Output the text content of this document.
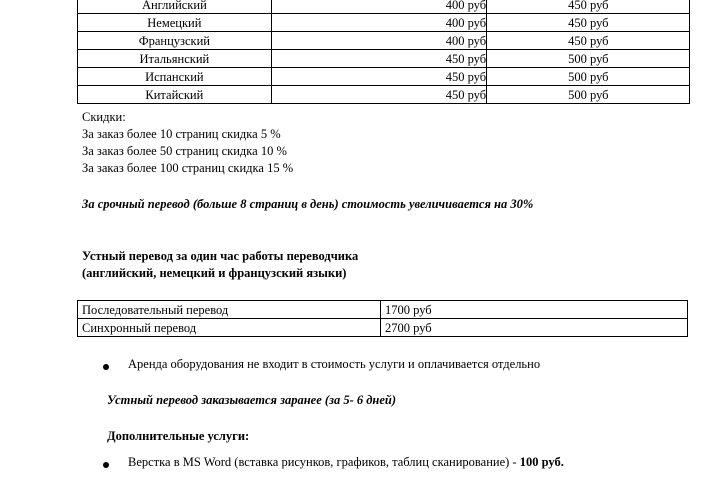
Английский	400 руб	450 руб
Немецкий	400 руб	450 руб
Французский	400 руб	450 руб
Итальянский	450 руб	500 руб
Испанский	450 руб	500 руб
Китайский	450 руб	500 руб
Скидки:
За заказ более 10 страниц скидка 5 %
За заказ более 50 страниц скидка 10 %
За заказ более 100 страниц скидка 15 %
За срочный перевод (больше 8 страниц в день) стоимость увеличивается на 30%
Устный перевод за один час работы переводчика
(английский, немецкий и французский языки)
Последовательный перевод	1700 руб
Синхронный перевод	2700 руб
Аренда оборудования не входит в стоимость услуги и оплачивается отдельно
Устный перевод заказывается заранее (за 5- 6 дней)
Дополнительные услуги:
Верстка в MS Word (вставка рисунков, графиков, таблиц сканирование) - 100 руб.
